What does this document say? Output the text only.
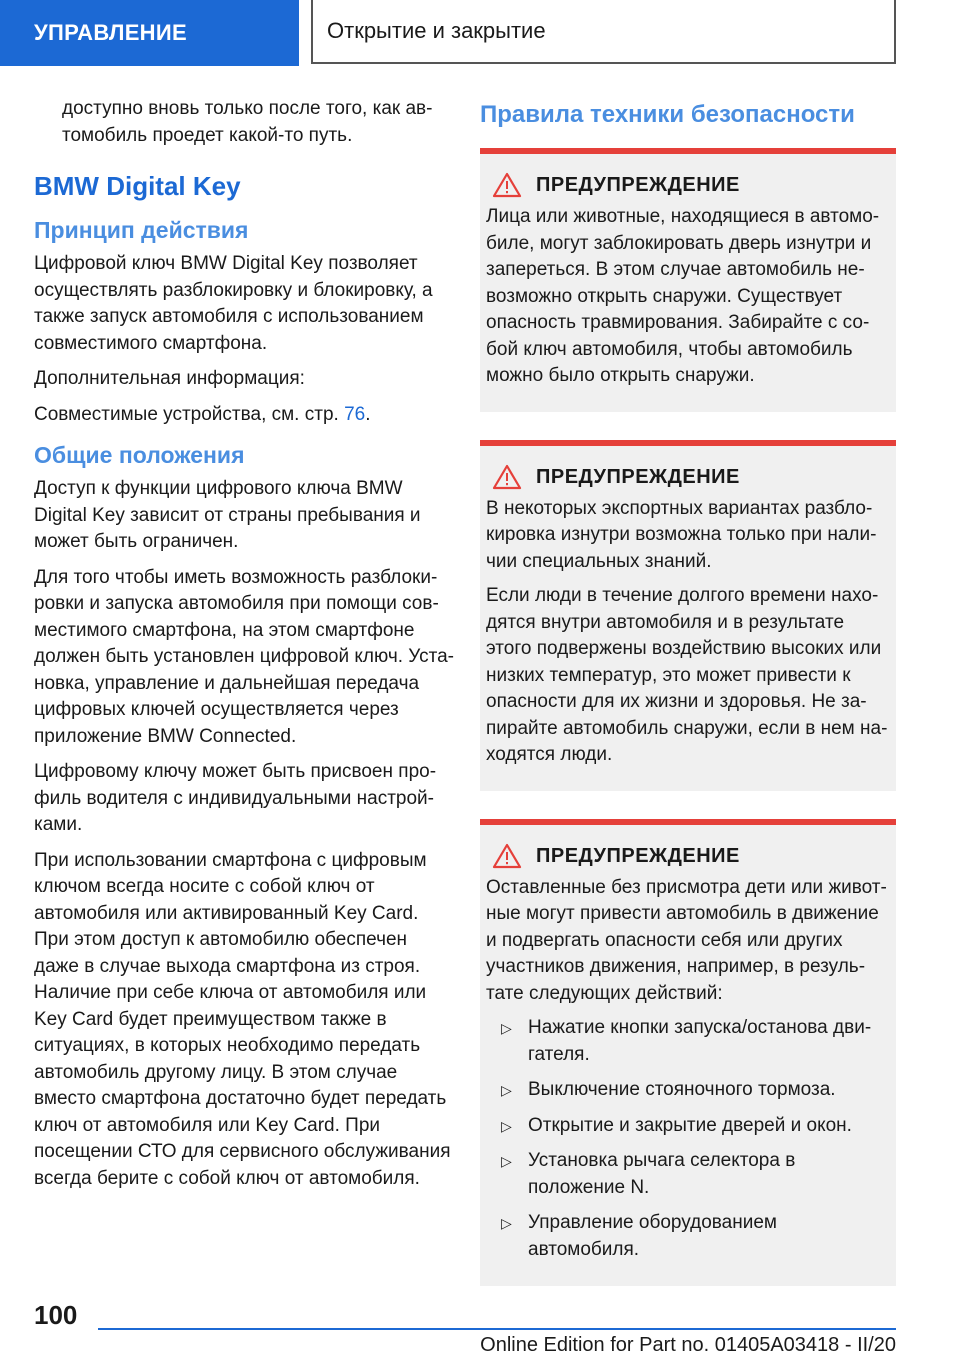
УПРАВЛЕНИЕ	Открытие и закрытие

доступно вновь только после того, как автомобиль проедет какой-то путь.

BMW Digital Key
Принцип действия

Цифровой ключ BMW Digital Key позволяет осуществлять разблокировку и блокировку, а также запуск автомобиля с использованием совместимого смартфона.

Дополнительная информация:

Совместимые устройства, см. стр. 76.

Общие положения

Доступ к функции цифрового ключа BMW Digital Key зависит от страны пребывания и может быть ограничен.

Для того чтобы иметь возможность разблокировки и запуска автомобиля при помощи совместимого смартфона, на этом смартфоне должен быть установлен цифровой ключ. Установка, управление и дальнейшая передача цифровых ключей осуществляется через приложение BMW Connected.

Цифровому ключу может быть присвоен профиль водителя с индивидуальными настройками.

При использовании смартфона с цифровым ключом всегда носите с собой ключ от автомобиля или активированный Key Card. При этом доступ к автомобилю обеспечен даже в случае выхода смартфона из строя. Наличие при себе ключа от автомобиля или Key Card будет преимуществом также в ситуациях, в которых необходимо передать автомобиль другому лицу. В этом случае вместо смартфона достаточно будет передать ключ от автомобиля или Key Card. При посещении СТО для сервисного обслуживания всегда берите с собой ключ от автомобиля.

Правила техники безопасности
ПРЕДУПРЕЖДЕНИЕ

Лица или животные, находящиеся в автомобиле, могут заблокировать дверь изнутри и запереться. В этом случае автомобиль невозможно открыть снаружи. Существует опасность травмирования. Забирайте с собой ключ автомобиля, чтобы автомобиль можно было открыть снаружи.

ПРЕДУПРЕЖДЕНИЕ

В некоторых экспортных вариантах разблокировка изнутри возможна только при наличии специальных знаний.

Если люди в течение долгого времени находятся внутри автомобиля и в результате этого подвержены воздействию высоких или низких температур, это может привести к опасности для их жизни и здоровья. Не запирайте автомобиль снаружи, если в нем находятся люди.

ПРЕДУПРЕЖДЕНИЕ

Оставленные без присмотра дети или животные могут привести автомобиль в движение и подвергать опасности себя или других участников движения, например, в результате следующих действий:

▷ Нажатие кнопки запуска/останова двигателя.
▷ Выключение стояночного тормоза.
▷ Открытие и закрытие дверей и окон.
▷ Установка рычага селектора в положение N.
▷ Управление оборудованием автомобиля.
100
Online Edition for Part no. 01405A03418 - II/20
